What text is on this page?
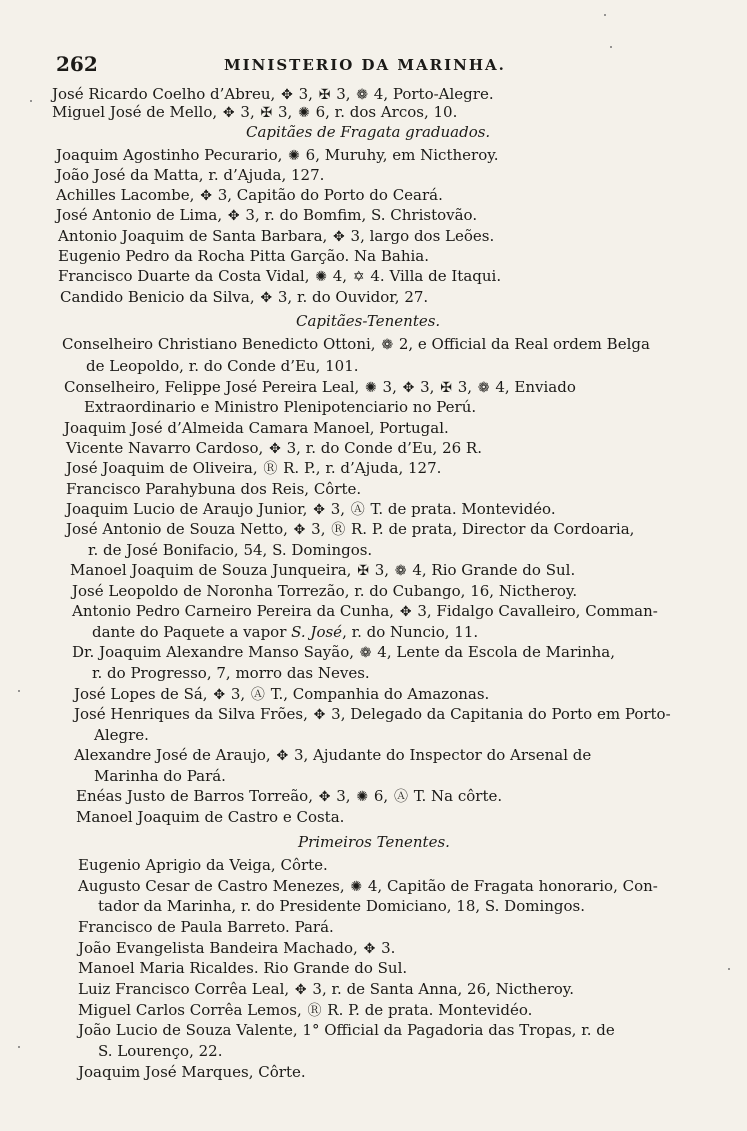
262	MINISTERIO DA MARINHA.
José Ricardo Coelho d’Abreu, ✥ 3, ✠ 3, ❁ 4, Porto-Alegre.
Miguel José de Mello, ✥ 3, ✠ 3, ✺ 6, r. dos Arcos, 10.
Capitães de Fragata graduados.
Joaquim Agostinho Pecurario, ✺ 6, Muruhy, em Nictheroy.
João José da Matta, r. d’Ajuda, 127.
Achilles Lacombe, ✥ 3, Capitão do Porto do Ceará.
José Antonio de Lima, ✥ 3, r. do Bomfim, S. Christovão.
Antonio Joaquim de Santa Barbara, ✥ 3, largo dos Leões.
Eugenio Pedro da Rocha Pitta Garção. Na Bahia.
Francisco Duarte da Costa Vidal, ✺ 4, ✡ 4. Villa de Itaqui.
Candido Benicio da Silva, ✥ 3, r. do Ouvidor, 27.
Capitães-Tenentes.
Conselheiro Christiano Benedicto Ottoni, ❁ 2, e Official da Real ordem Belga
de Leopoldo, r. do Conde d’Eu, 101.
Conselheiro, Felippe José Pereira Leal, ✺ 3, ✥ 3, ✠ 3, ❁ 4, Enviado
Extraordinario e Ministro Plenipotenciario no Perú.
Joaquim José d’Almeida Camara Manoel, Portugal.
Vicente Navarro Cardoso, ✥ 3, r. do Conde d’Eu, 26 R.
José Joaquim de Oliveira, Ⓡ R. P., r. d’Ajuda, 127.
Francisco Parahybuna dos Reis, Côrte.
Joaquim Lucio de Araujo Junior, ✥ 3, Ⓐ T. de prata. Montevidéo.
José Antonio de Souza Netto, ✥ 3, Ⓡ R. P. de prata, Director da Cordoaria,
r. de José Bonifacio, 54, S. Domingos.
Manoel Joaquim de Souza Junqueira, ✠ 3, ❁ 4, Rio Grande do Sul.
José Leopoldo de Noronha Torrezão, r. do Cubango, 16, Nictheroy.
Antonio Pedro Carneiro Pereira da Cunha, ✥ 3, Fidalgo Cavalleiro, Comman-
dante do Paquete a vapor S. José, r. do Nuncio, 11.
Dr. Joaquim Alexandre Manso Sayão, ❁ 4, Lente da Escola de Marinha,
r. do Progresso, 7, morro das Neves.
José Lopes de Sá, ✥ 3, Ⓐ T., Companhia do Amazonas.
José Henriques da Silva Frões, ✥ 3, Delegado da Capitania do Porto em Porto-
Alegre.
Alexandre José de Araujo, ✥ 3, Ajudante do Inspector do Arsenal de
Marinha do Pará.
Enéas Justo de Barros Torreão, ✥ 3, ✺ 6, Ⓐ T. Na côrte.
Manoel Joaquim de Castro e Costa.
Primeiros Tenentes.
Eugenio Aprigio da Veiga, Côrte.
Augusto Cesar de Castro Menezes, ✺ 4, Capitão de Fragata honorario, Con-
tador da Marinha, r. do Presidente Domiciano, 18, S. Domingos.
Francisco de Paula Barreto. Pará.
João Evangelista Bandeira Machado, ✥ 3.
Manoel Maria Ricaldes. Rio Grande do Sul.
Luiz Francisco Corrêa Leal, ✥ 3, r. de Santa Anna, 26, Nictheroy.
Miguel Carlos Corrêa Lemos, Ⓡ R. P. de prata. Montevidéo.
João Lucio de Souza Valente, 1° Official da Pagadoria das Tropas, r. de
S. Lourenço, 22.
Joaquim José Marques, Côrte.
